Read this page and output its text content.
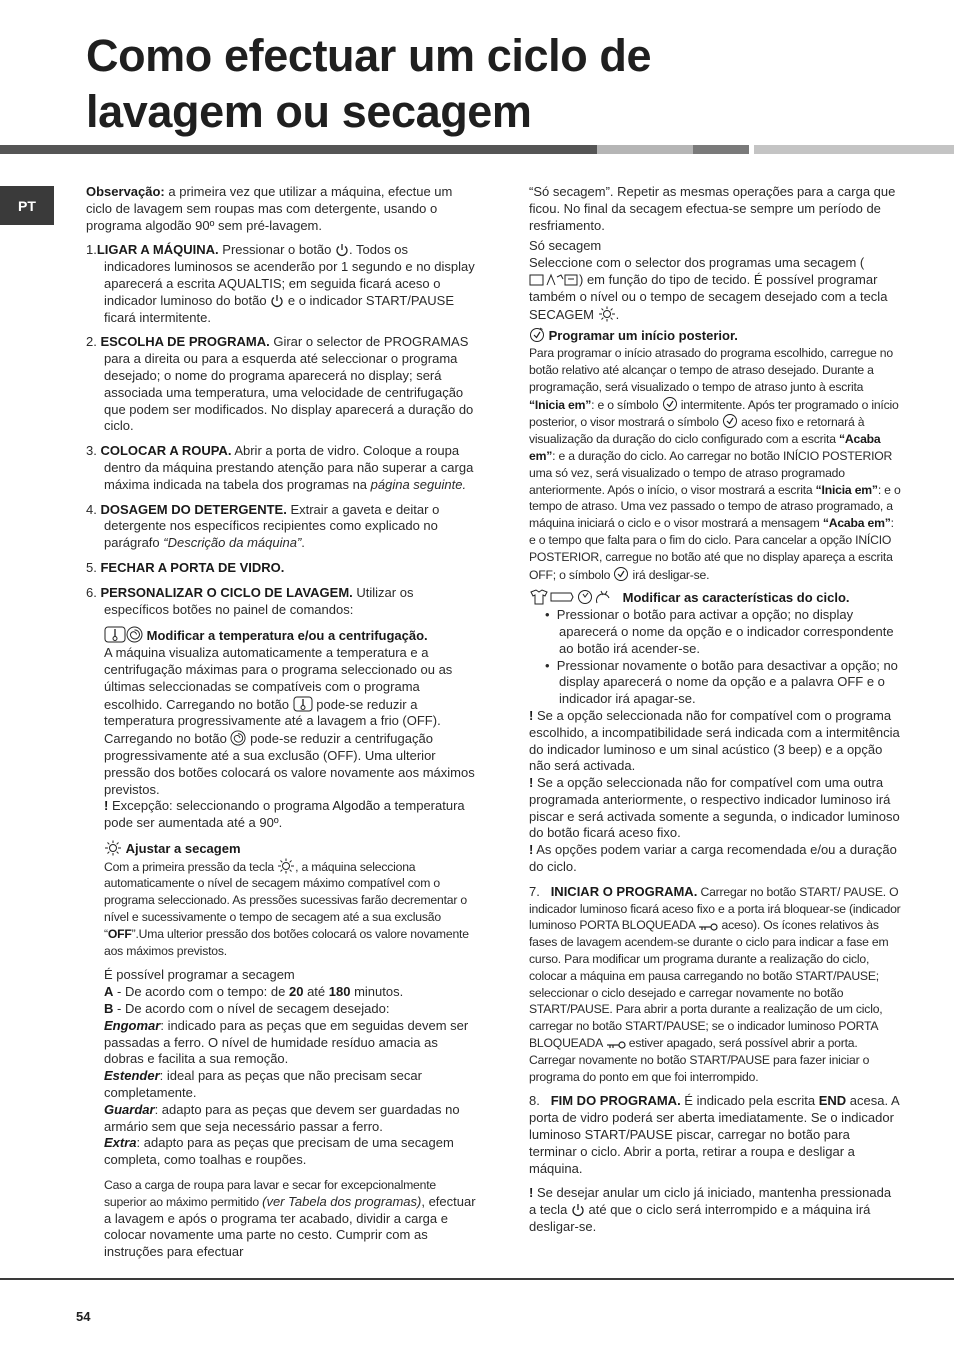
Como efectuar um ciclo de
lavagem ou secagem
PT

Observação: a primeira vez que utilizar a máquina, efectue um ciclo de lavagem sem roupas mas com detergente, usando o programa algodão 90º sem pré-lavagem.

1.LIGAR A MÁQUINA. Pressionar o botão . Todos os indicadores luminosos se acenderão por 1 segundo e no display aparecerá a escrita AQUALTIS; em seguida ficará aceso o indicador luminoso do botão  e o indicador START/PAUSE ficará intermitente.

2. ESCOLHA DE PROGRAMA. Girar o selector de PROGRAMAS para a direita ou para a esquerda até seleccionar o programa desejado; o nome do programa aparecerá no display; será associada uma temperatura, uma velocidade de centrifugação que podem ser modificados. No display aparecerá a duração do ciclo.

3. COLOCAR A ROUPA. Abrir a porta de vidro. Coloque a roupa dentro da máquina prestando atenção para não superar a carga máxima indicada na tabela dos programas na página seguinte.

4. DOSAGEM DO DETERGENTE. Extrair a gaveta e deitar o detergente nos específicos recipientes como explicado no parágrafo “Descrição da máquina”.

5. FECHAR A PORTA DE VIDRO.

6. PERSONALIZAR O CICLO DE LAVAGEM. Utilizar os específicos botões no painel de comandos:

Modificar a temperatura e/ou a centrifugação.

A máquina visualiza automaticamente a temperatura e a centrifugação máximas para o programa seleccionado ou as últimas seleccionadas se compatíveis com o programa escolhido. Carregando no botão  pode-se reduzir a temperatura progressivamente até a lavagem a frio (OFF). Carregando no botão  pode-se reduzir a centrifugação progressivamente até a sua exclusão (OFF). Uma ulterior pressão dos botões colocará os valore novamente aos máximos previstos.

! Excepção: seleccionando o programa Algodão a temperatura pode ser aumentada até a 90º.

Ajustar a secagem

Com a primeira pressão da tecla , a máquina selecciona automaticamente o nível de secagem máximo compatível com o programa seleccionado. As pressões sucessivas farão decrementar o nível e sucessivamente o tempo de secagem até a sua exclusão “OFF”.Uma ulterior pressão dos botões colocará os valore novamente aos máximos previstos.

É possível programar a secagem

A - De acordo com o tempo: de 20 até 180 minutos.

B - De acordo com o nível de secagem desejado:

Engomar: indicado para as peças que em seguidas devem ser passadas a ferro. O nível de humidade resíduo amacia as dobras e facilita a sua remoção.

Estender: ideal para as peças que não precisam secar completamente.

Guardar: adapto para as peças que devem ser guardadas no armário sem que seja necessário passar a ferro.

Extra: adapto para as peças que precisam de uma secagem completa, como toalhas e roupões.

Caso a carga de roupa para lavar e secar for excepcionalmente superior ao máximo permitido (ver Tabela dos programas), efectuar a lavagem e após o programa ter acabado, dividir a carga e colocar novamente uma parte no cesto. Cumprir com as instruções para efectuar

“Só secagem”. Repetir as mesmas operações para a carga que ficou. No final da secagem efectua-se sempre um período de resfriamento.

Só secagem

Seleccione com o selector dos programas uma secagem () em função do tipo de tecido. É possível programar também o nível ou o tempo de secagem desejado com a tecla SECAGEM .

Programar um início posterior.

Para programar o início atrasado do programa escolhido, carregue no botão relativo até alcançar o tempo de atraso desejado. Durante a programação, será visualizado o tempo de atraso junto à escrita “Inicia em”: e o símbolo  intermitente. Após ter programado o início posterior, o visor mostrará o símbolo  aceso fixo e retornará à visualização da duração do ciclo configurado com a escrita “Acaba em”: e a duração do ciclo. Ao carregar no botão INÍCIO POSTERIOR uma só vez, será visualizado o tempo de atraso programado anteriormente. Após o início, o visor mostrará a escrita “Inicia em”: e o tempo de atraso. Uma vez passado o tempo de atraso programado, a máquina iniciará o ciclo e o visor mostrará a mensagem “Acaba em”: e o tempo que falta para o fim do ciclo. Para cancelar a opção INÍCIO POSTERIOR, carregue no botão até que no display apareça a escrita OFF; o símbolo  irá desligar-se.

Modificar as características do ciclo.

• Pressionar o botão para activar a opção; no display aparecerá o nome da opção e o indicador correspondente ao botão irá acender-se.

• Pressionar novamente o botão para desactivar a opção; no display aparecerá o nome da opção e a palavra OFF e o indicador irá apagar-se.

! Se a opção seleccionada não for compatível com o programa escolhido, a incompatibilidade será indicada com a intermitência do indicador luminoso e um sinal acústico (3 beep) e a opção não será activada.

! Se a opção seleccionada não for compatível com uma outra programada anteriormente, o respectivo indicador luminoso irá piscar e será activada somente a segunda, o indicador luminoso do botão ficará aceso fixo.

! As opções podem variar a carga recomendada e/ou a duração do ciclo.

7. INICIAR O PROGRAMA. Carregar no botão START/ PAUSE. O indicador luminoso ficará aceso fixo e a porta irá bloquear-se (indicador luminoso PORTA BLOQUEADA  aceso). Os ícones relativos às fases de lavagem acendem-se durante o ciclo para indicar a fase em curso. Para modificar um programa durante a realização do ciclo, colocar a máquina em pausa carregando no botão START/PAUSE; seleccionar o ciclo desejado e carregar novamente no botão START/PAUSE. Para abrir a porta durante a realização de um ciclo, carregar no botão START/PAUSE; se o indicador luminoso PORTA BLOQUEADA  estiver apagado, será possível abrir a porta. Carregar novamente no botão START/PAUSE para fazer iniciar o programa do ponto em que foi interrompido.

8. FIM DO PROGRAMA. É indicado pela escrita END acesa. A porta de vidro poderá ser aberta imediatamente. Se o indicador luminoso START/PAUSE piscar, carregar no botão para terminar o ciclo. Abrir a porta, retirar a roupa e desligar a máquina.

! Se desejar anular um ciclo já iniciado, mantenha pressionada a tecla  até que o ciclo será interrompido e a máquina irá desligar-se.

54
